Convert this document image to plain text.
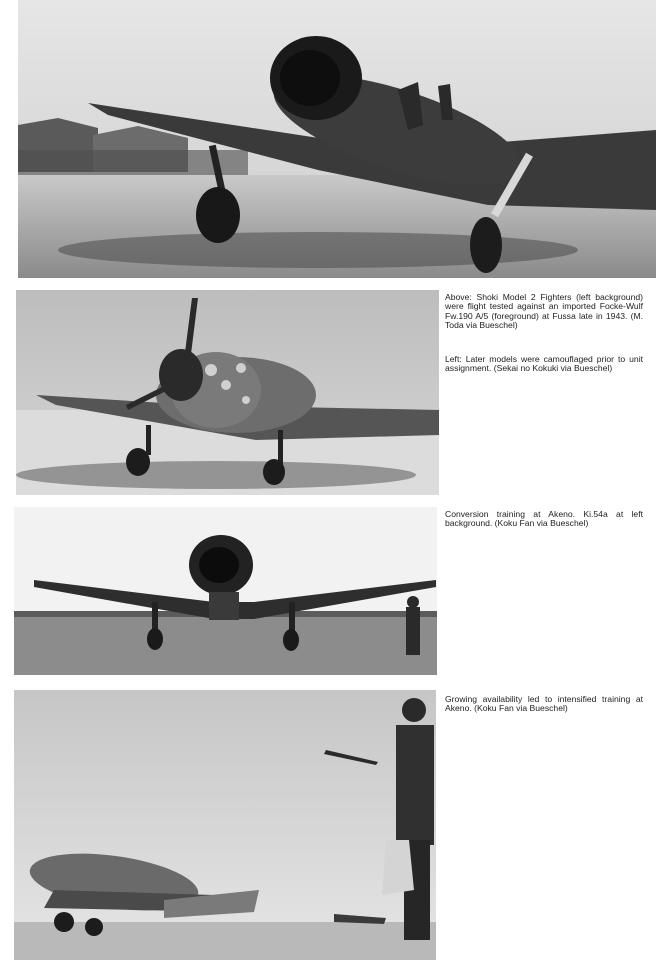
Above: Shoki Model 2 Fighters (left background) were flight tested against an imported Focke-Wulf Fw.190 A/5 (foreground) at Fussa late in 1943. (M. Toda via Bueschel)

Left: Later models were camouflaged prior to unit assignment. (Sekai no Kokuki via Bueschel)

Conversion training at Akeno. Ki.54a at left background. (Koku Fan via Bueschel)

Growing availability led to intensified training at Akeno. (Koku Fan via Bueschel)
